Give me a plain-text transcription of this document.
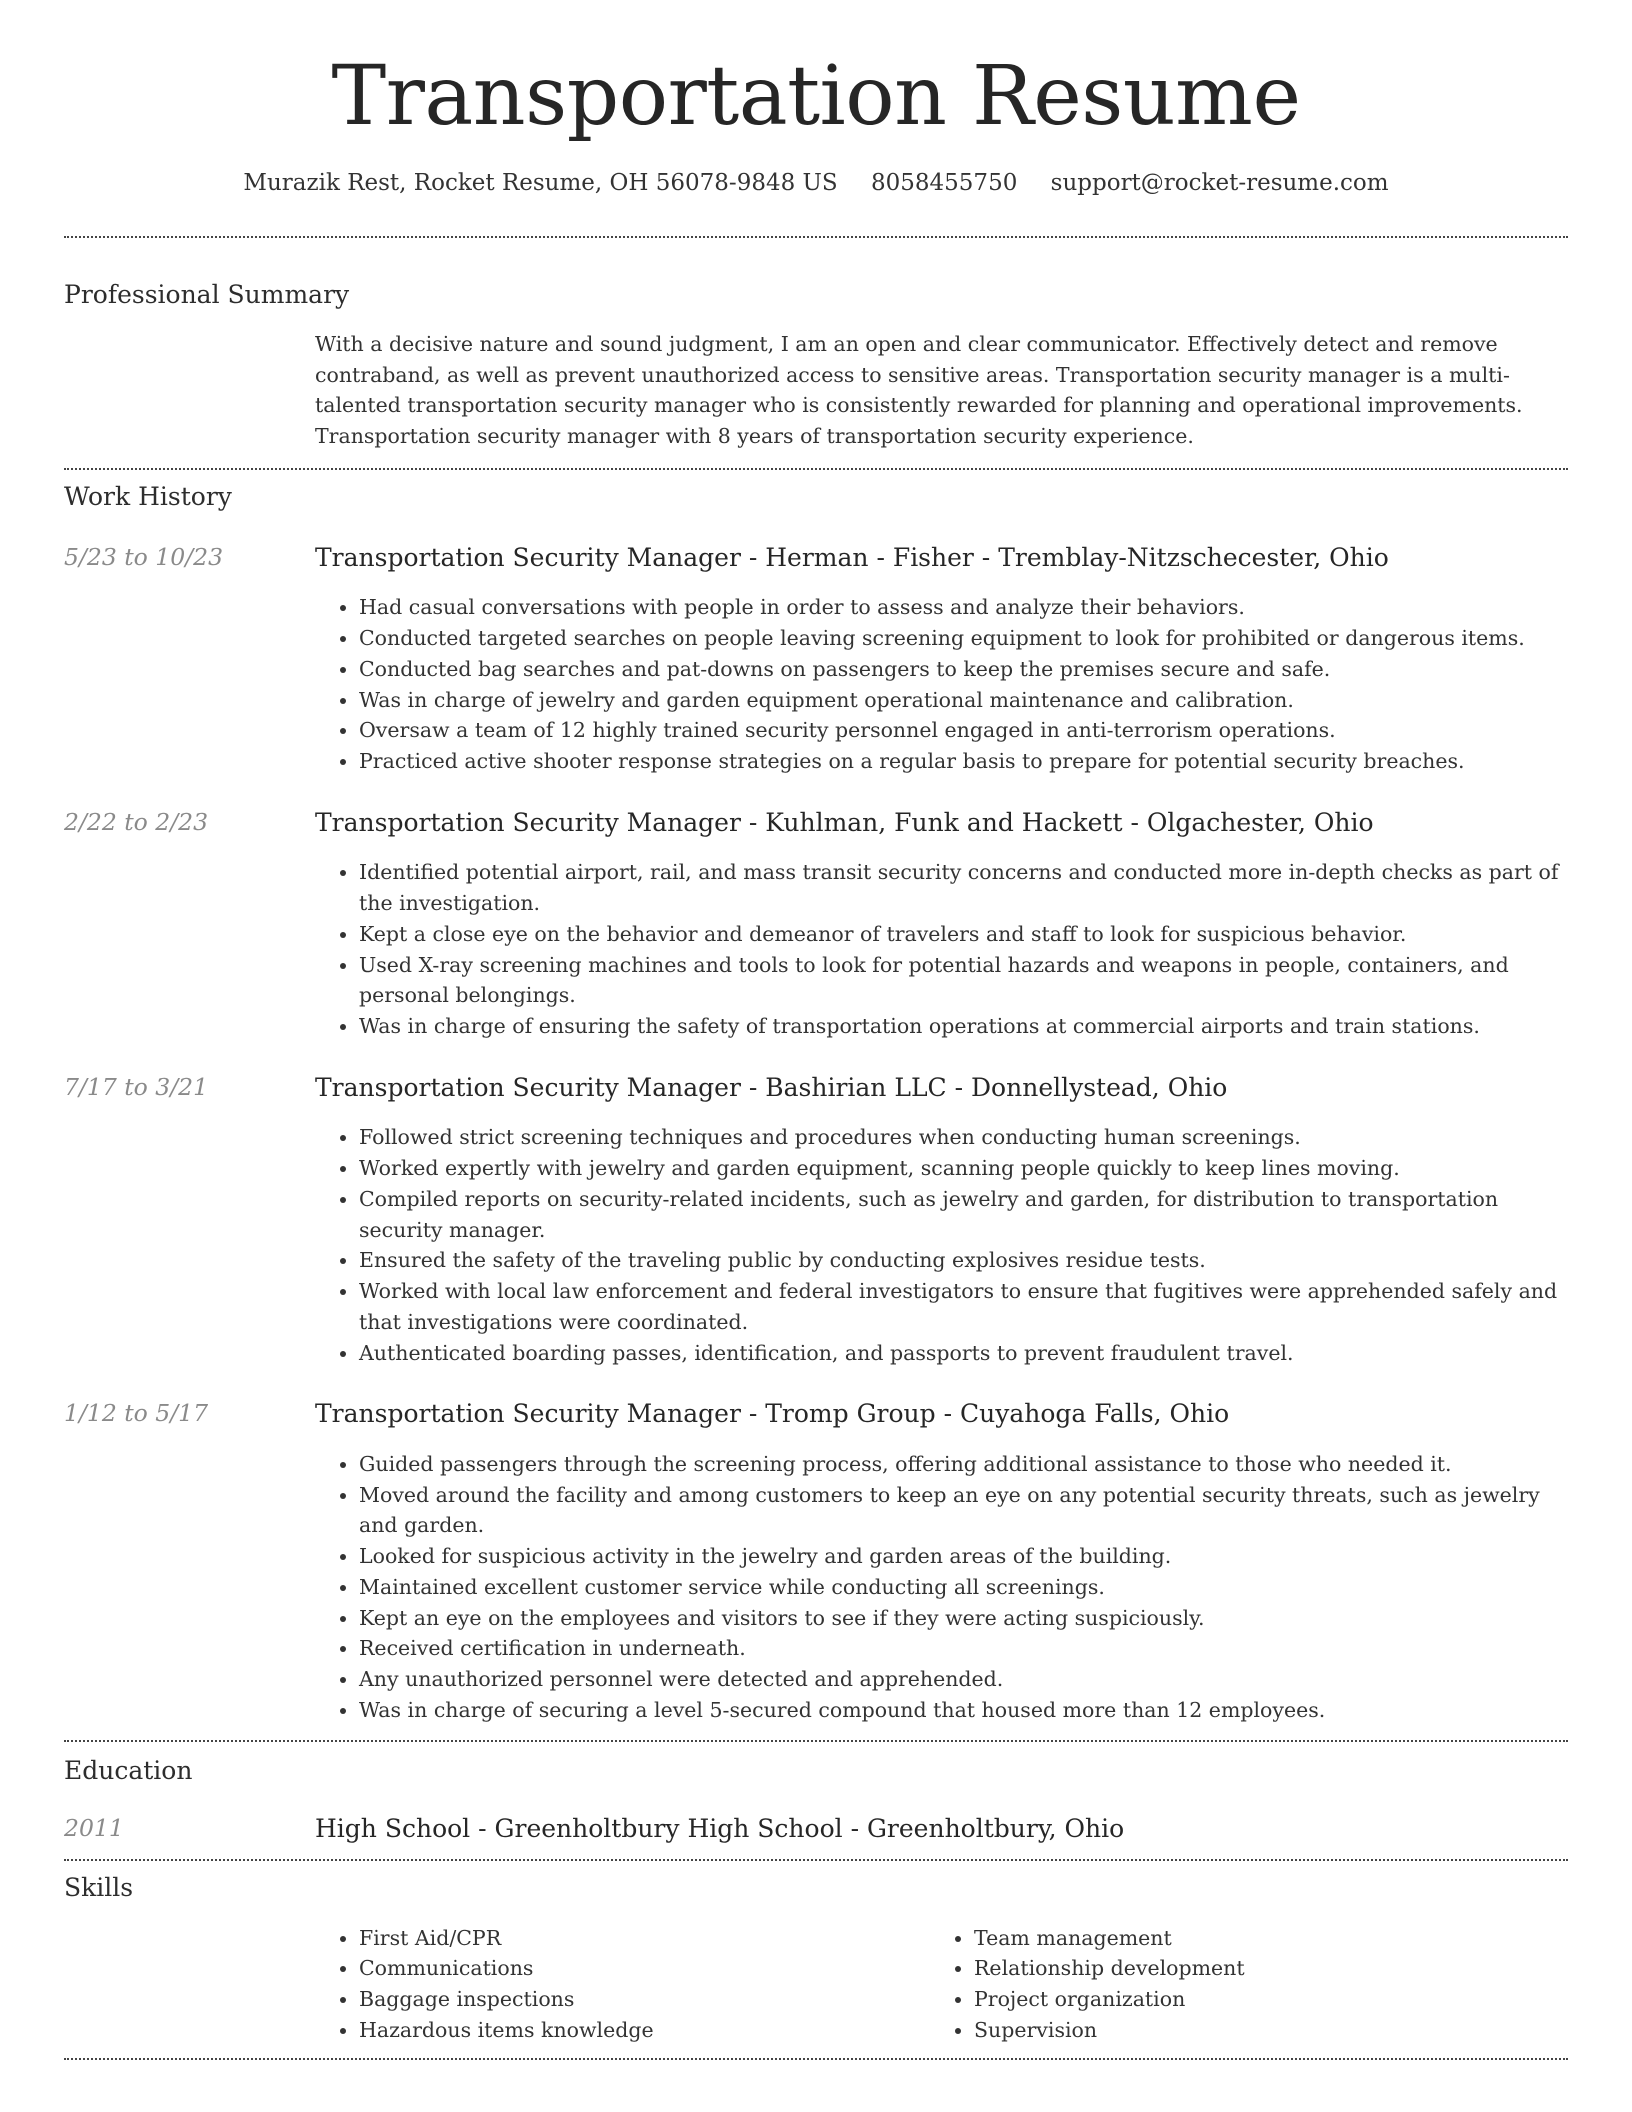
Transportation Resume
Murazik Rest, Rocket Resume, OH 56078-9848 US 8058455750 support@rocket-resume.com
Professional Summary
With a decisive nature and sound judgment, I am an open and clear communicator. Effectively detect and remove contraband, as well as prevent unauthorized access to sensitive areas. Transportation security manager is a multi-talented transportation security manager who is consistently rewarded for planning and operational improvements. Transportation security manager with 8 years of transportation security experience.
Work History
5/23 to 10/23	Transportation Security Manager - Herman - Fisher - Tremblay-Nitzschecester, Ohio
• Had casual conversations with people in order to assess and analyze their behaviors.
• Conducted targeted searches on people leaving screening equipment to look for prohibited or dangerous items.
• Conducted bag searches and pat-downs on passengers to keep the premises secure and safe.
• Was in charge of jewelry and garden equipment operational maintenance and calibration.
• Oversaw a team of 12 highly trained security personnel engaged in anti-terrorism operations.
• Practiced active shooter response strategies on a regular basis to prepare for potential security breaches.
2/22 to 2/23	Transportation Security Manager - Kuhlman, Funk and Hackett - Olgachester, Ohio
• Identified potential airport, rail, and mass transit security concerns and conducted more in-depth checks as part of the investigation.
• Kept a close eye on the behavior and demeanor of travelers and staff to look for suspicious behavior.
• Used X-ray screening machines and tools to look for potential hazards and weapons in people, containers, and personal belongings.
• Was in charge of ensuring the safety of transportation operations at commercial airports and train stations.
7/17 to 3/21	Transportation Security Manager - Bashirian LLC - Donnellystead, Ohio
• Followed strict screening techniques and procedures when conducting human screenings.
• Worked expertly with jewelry and garden equipment, scanning people quickly to keep lines moving.
• Compiled reports on security-related incidents, such as jewelry and garden, for distribution to transportation security manager.
• Ensured the safety of the traveling public by conducting explosives residue tests.
• Worked with local law enforcement and federal investigators to ensure that fugitives were apprehended safely and that investigations were coordinated.
• Authenticated boarding passes, identification, and passports to prevent fraudulent travel.
1/12 to 5/17	Transportation Security Manager - Tromp Group - Cuyahoga Falls, Ohio
• Guided passengers through the screening process, offering additional assistance to those who needed it.
• Moved around the facility and among customers to keep an eye on any potential security threats, such as jewelry and garden.
• Looked for suspicious activity in the jewelry and garden areas of the building.
• Maintained excellent customer service while conducting all screenings.
• Kept an eye on the employees and visitors to see if they were acting suspiciously.
• Received certification in underneath.
• Any unauthorized personnel were detected and apprehended.
• Was in charge of securing a level 5-secured compound that housed more than 12 employees.
Education
2011	High School - Greenholtbury High School - Greenholtbury, Ohio
Skills
• First Aid/CPR
• Communications
• Baggage inspections
• Hazardous items knowledge
• Team management
• Relationship development
• Project organization
• Supervision
